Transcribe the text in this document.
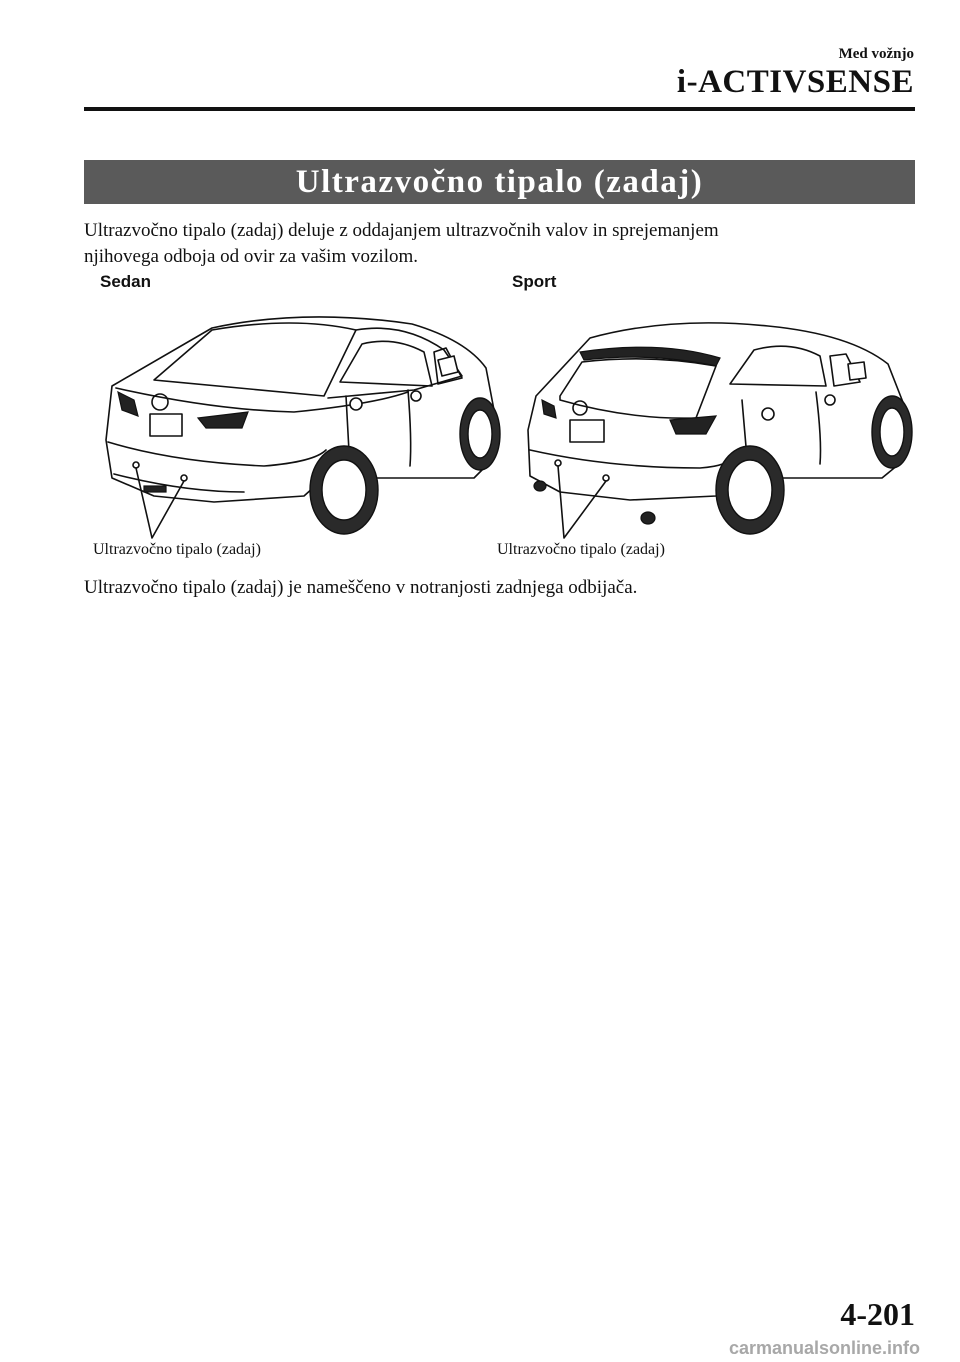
Med vožnjo
i-ACTIVSENSE
Ultrazvočno tipalo (zadaj)
Ultrazvočno tipalo (zadaj) deluje z oddajanjem ultrazvočnih valov in sprejemanjem
njihovega odboja od ovir za vašim vozilom.
Sedan	Sport
Ultrazvočno tipalo (zadaj)	Ultrazvočno tipalo (zadaj)
Ultrazvočno tipalo (zadaj) je nameščeno v notranjosti zadnjega odbijača.
4-201
carmanualsonline.info
